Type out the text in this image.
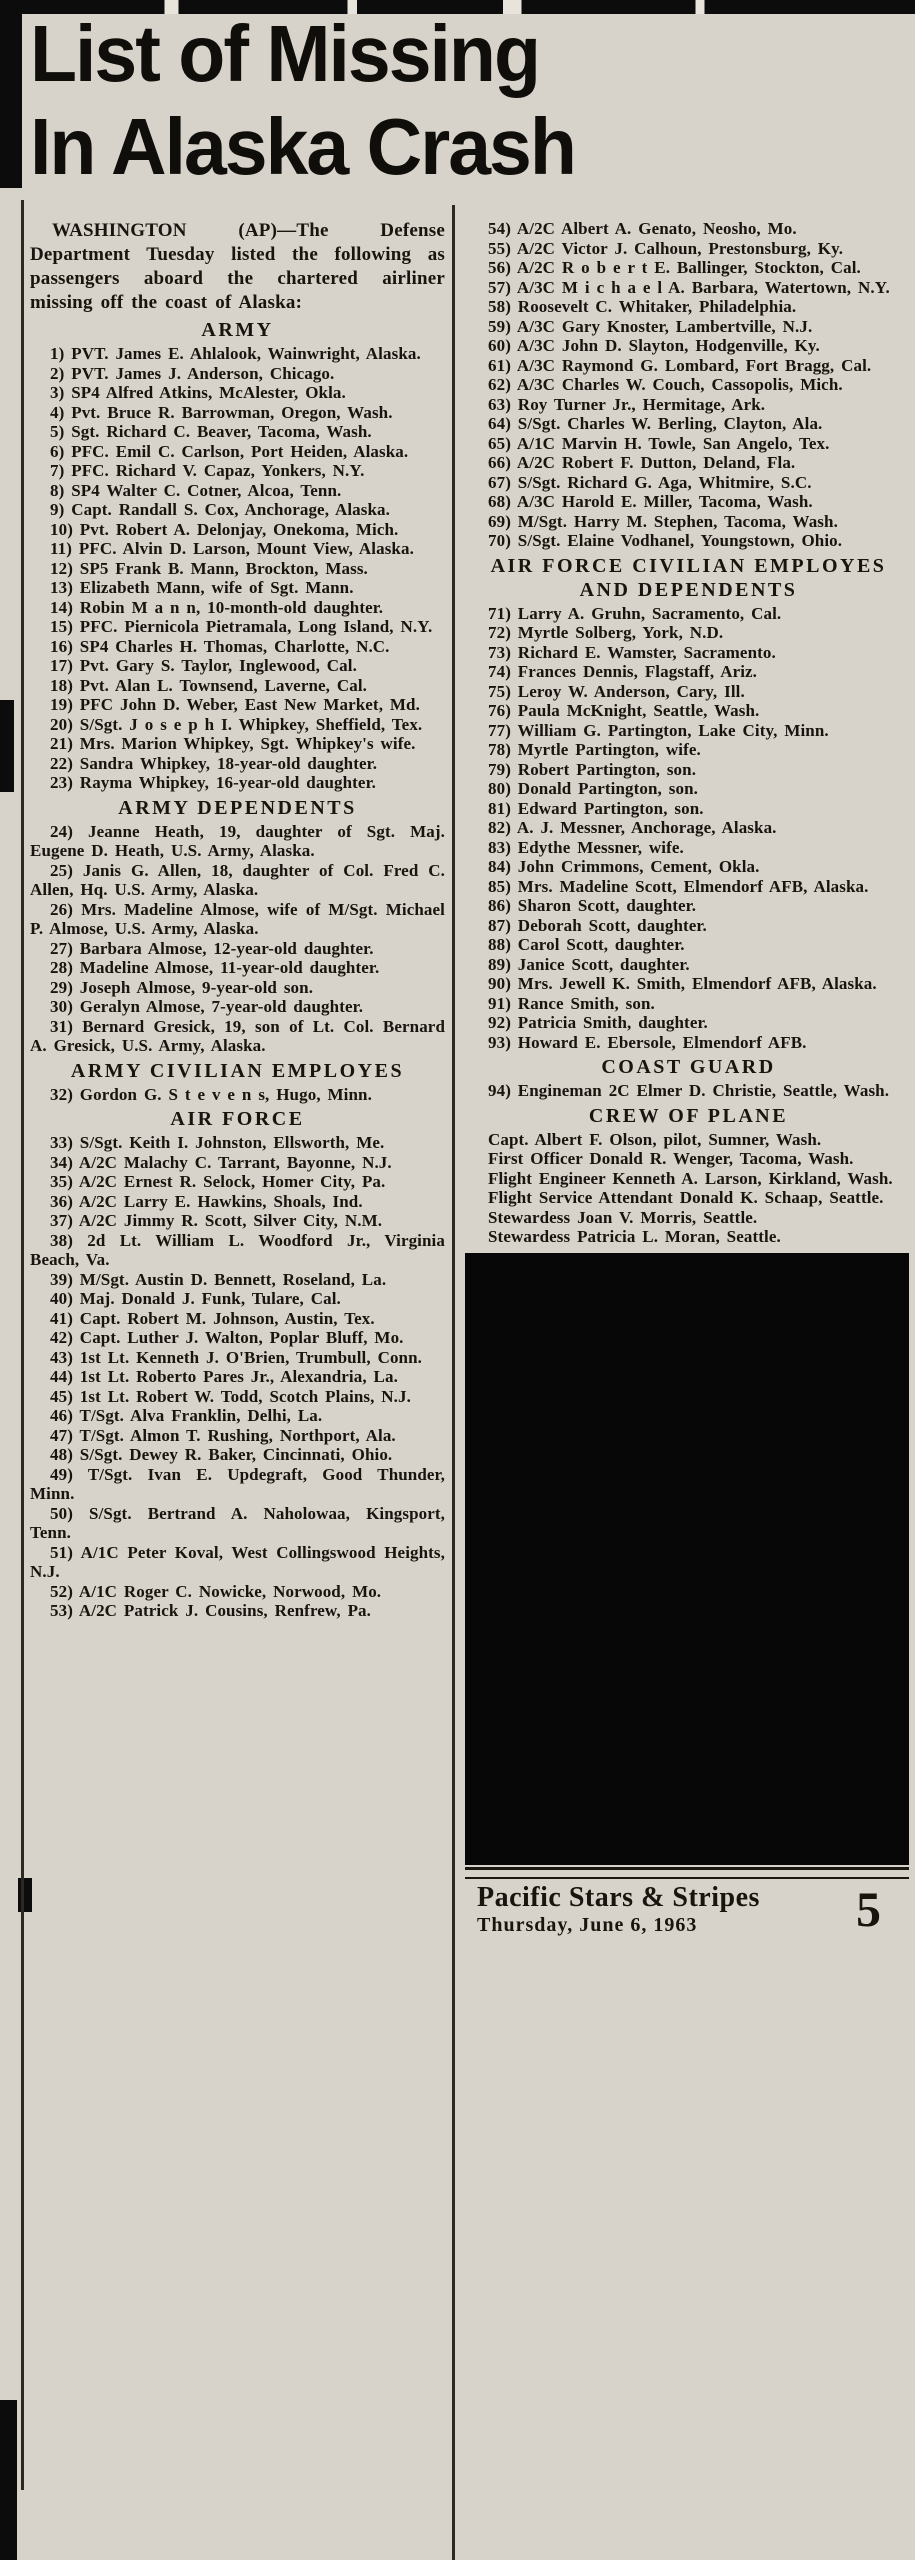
List of Missing
In Alaska Crash

WASHINGTON (AP)—The Defense Department Tuesday listed the following as passengers aboard the chartered airliner missing off the coast of Alaska:

ARMY
1) PVT. James E. Ahlalook, Wainwright, Alaska.
2) PVT. James J. Anderson, Chicago.
3) SP4 Alfred Atkins, McAlester, Okla.
4) Pvt. Bruce R. Barrowman, Oregon, Wash.
5) Sgt. Richard C. Beaver, Tacoma, Wash.
6) PFC. Emil C. Carlson, Port Heiden, Alaska.
7) PFC. Richard V. Capaz, Yonkers, N.Y.
8) SP4 Walter C. Cotner, Alcoa, Tenn.
9) Capt. Randall S. Cox, Anchorage, Alaska.
10) Pvt. Robert A. Delonjay, Onekoma, Mich.
11) PFC. Alvin D. Larson, Mount View, Alaska.
12) SP5 Frank B. Mann, Brockton, Mass.
13) Elizabeth Mann, wife of Sgt. Mann.
14) Robin M a n n, 10-month-old daughter.
15) PFC. Piernicola Pietramala, Long Island, N.Y.
16) SP4 Charles H. Thomas, Charlotte, N.C.
17) Pvt. Gary S. Taylor, Inglewood, Cal.
18) Pvt. Alan L. Townsend, Laverne, Cal.
19) PFC John D. Weber, East New Market, Md.
20) S/Sgt. J o s e p h I. Whipkey, Sheffield, Tex.
21) Mrs. Marion Whipkey, Sgt. Whipkey's wife.
22) Sandra Whipkey, 18-year-old daughter.
23) Rayma Whipkey, 16-year-old daughter.
ARMY DEPENDENTS
24) Jeanne Heath, 19, daughter of Sgt. Maj. Eugene D. Heath, U.S. Army, Alaska.
25) Janis G. Allen, 18, daughter of Col. Fred C. Allen, Hq. U.S. Army, Alaska.
26) Mrs. Madeline Almose, wife of M/Sgt. Michael P. Almose, U.S. Army, Alaska.
27) Barbara Almose, 12-year-old daughter.
28) Madeline Almose, 11-year-old daughter.
29) Joseph Almose, 9-year-old son.
30) Geralyn Almose, 7-year-old daughter.
31) Bernard Gresick, 19, son of Lt. Col. Bernard A. Gresick, U.S. Army, Alaska.
ARMY CIVILIAN EMPLOYES
32) Gordon G. S t e v e n s, Hugo, Minn.
AIR FORCE
33) S/Sgt. Keith I. Johnston, Ellsworth, Me.
34) A/2C Malachy C. Tarrant, Bayonne, N.J.
35) A/2C Ernest R. Selock, Homer City, Pa.
36) A/2C Larry E. Hawkins, Shoals, Ind.
37) A/2C Jimmy R. Scott, Silver City, N.M.
38) 2d Lt. William L. Woodford Jr., Virginia Beach, Va.
39) M/Sgt. Austin D. Bennett, Roseland, La.
40) Maj. Donald J. Funk, Tulare, Cal.
41) Capt. Robert M. Johnson, Austin, Tex.
42) Capt. Luther J. Walton, Poplar Bluff, Mo.
43) 1st Lt. Kenneth J. O'Brien, Trumbull, Conn.
44) 1st Lt. Roberto Pares Jr., Alexandria, La.
45) 1st Lt. Robert W. Todd, Scotch Plains, N.J.
46) T/Sgt. Alva Franklin, Delhi, La.
47) T/Sgt. Almon T. Rushing, Northport, Ala.
48) S/Sgt. Dewey R. Baker, Cincinnati, Ohio.
49) T/Sgt. Ivan E. Updegraft, Good Thunder, Minn.
50) S/Sgt. Bertrand A. Naholowaa, Kingsport, Tenn.
51) A/1C Peter Koval, West Collingswood Heights, N.J.
52) A/1C Roger C. Nowicke, Norwood, Mo.
53) A/2C Patrick J. Cousins, Renfrew, Pa.
54) A/2C Albert A. Genato, Neosho, Mo.
55) A/2C Victor J. Calhoun, Prestonsburg, Ky.
56) A/2C R o b e r t E. Ballinger, Stockton, Cal.
57) A/3C M i c h a e l A. Barbara, Watertown, N.Y.
58) Roosevelt C. Whitaker, Philadelphia.
59) A/3C Gary Knoster, Lambertville, N.J.
60) A/3C John D. Slayton, Hodgenville, Ky.
61) A/3C Raymond G. Lombard, Fort Bragg, Cal.
62) A/3C Charles W. Couch, Cassopolis, Mich.
63) Roy Turner Jr., Hermitage, Ark.
64) S/Sgt. Charles W. Berling, Clayton, Ala.
65) A/1C Marvin H. Towle, San Angelo, Tex.
66) A/2C Robert F. Dutton, Deland, Fla.
67) S/Sgt. Richard G. Aga, Whitmire, S.C.
68) A/3C Harold E. Miller, Tacoma, Wash.
69) M/Sgt. Harry M. Stephen, Tacoma, Wash.
70) S/Sgt. Elaine Vodhanel, Youngstown, Ohio.
AIR FORCE CIVILIAN EMPLOYES AND DEPENDENTS
71) Larry A. Gruhn, Sacramento, Cal.
72) Myrtle Solberg, York, N.D.
73) Richard E. Wamster, Sacramento.
74) Frances Dennis, Flagstaff, Ariz.
75) Leroy W. Anderson, Cary, Ill.
76) Paula McKnight, Seattle, Wash.
77) William G. Partington, Lake City, Minn.
78) Myrtle Partington, wife.
79) Robert Partington, son.
80) Donald Partington, son.
81) Edward Partington, son.
82) A. J. Messner, Anchorage, Alaska.
83) Edythe Messner, wife.
84) John Crimmons, Cement, Okla.
85) Mrs. Madeline Scott, Elmendorf AFB, Alaska.
86) Sharon Scott, daughter.
87) Deborah Scott, daughter.
88) Carol Scott, daughter.
89) Janice Scott, daughter.
90) Mrs. Jewell K. Smith, Elmendorf AFB, Alaska.
91) Rance Smith, son.
92) Patricia Smith, daughter.
93) Howard E. Ebersole, Elmendorf AFB.
COAST GUARD
94) Engineman 2C Elmer D. Christie, Seattle, Wash.
CREW OF PLANE
Capt. Albert F. Olson, pilot, Sumner, Wash.
First Officer Donald R. Wenger, Tacoma, Wash.
Flight Engineer Kenneth A. Larson, Kirkland, Wash.
Flight Service Attendant Donald K. Schaap, Seattle.
Stewardess Joan V. Morris, Seattle.
Stewardess Patricia L. Moran, Seattle.
Pacific Stars & Stripes
Thursday, June 6, 1963	5
